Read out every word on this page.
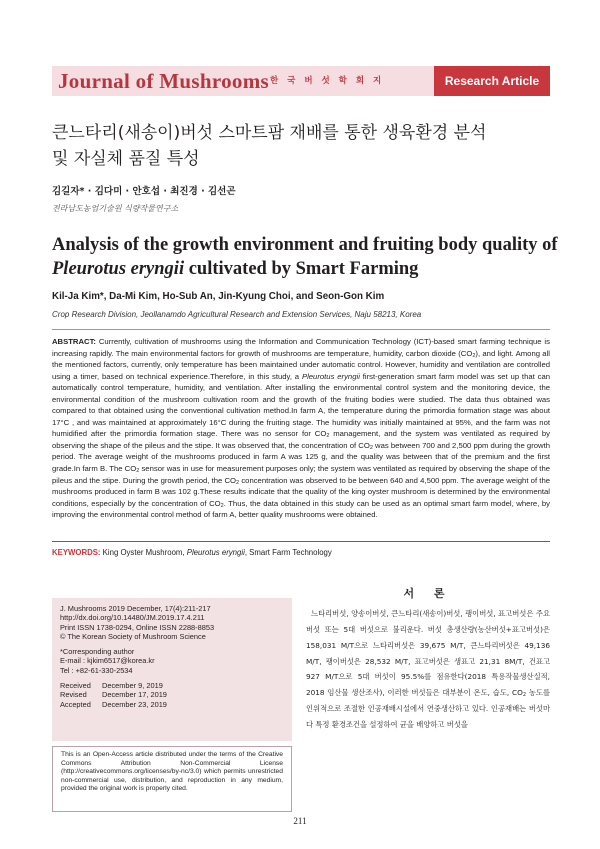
Journal of Mushrooms 한 국 버 섯 학 회 지	Research Article
큰느타리(새송이)버섯 스마트팜 재배를 통한 생육환경 분석
및 자실체 품질 특성
김길자* · 김다미 · 안호섭 · 최진경 · 김선곤
전라남도농업기술원 식량작물연구소
Analysis of the growth environment and fruiting body quality of
Pleurotus eryngii cultivated by Smart Farming
Kil-Ja Kim*, Da-Mi Kim, Ho-Sub An, Jin-Kyung Choi, and Seon-Gon Kim
Crop Research Division, Jeollanamdo Agricultural Research and Extension Services, Naju 58213, Korea
ABSTRACT: Currently, cultivation of mushrooms using the Information and Communication Technology (ICT)-based smart farming technique is increasing rapidly. The main environmental factors for growth of mushrooms are temperature, humidity, carbon dioxide $(CO_2)$, and light. Among all the mentioned factors, currently, only temperature has been maintained under automatic control. However, humidity and ventilation are controlled using a timer, based on technical experience.Therefore, in this study, a Pleurotus eryngii first-generation smart farm model was set up that can automatically control temperature, humidity, and ventilation. After installing the environmental control system and the monitoring device, the environmental condition of the mushroom cultivation room and the growth of the fruiting bodies were studied. The data thus obtained was compared to that obtained using the conventional cultivation method.In farm A, the temperature during the primordia formation stage was about 17°C , and was maintained at approximately 16°C during the fruiting stage. The humidity was initially maintained at 95%, and the farm was not humidified after the primordia formation stage. There was no sensor for $CO_2$ management, and the system was ventilated as required by observing the shape of the pileus and the stipe. It was observed that, the concentration of $CO_2$ was between 700 and 2,500 ppm during the growth period. The average weight of the mushrooms produced in farm A was 125 g, and the quality was between that of the premium and the first grade.In farm B. The $CO_2$ sensor was in use for measurement purposes only; the system was ventilated as required by observing the shape of the pileus and the stipe. During the growth period, the $CO_2$ concentration was observed to be between 640 and 4,500 ppm. The average weight of the mushrooms produced in farm B was 102 g.These results indicate that the quality of the king oyster mushroom is determined by the environmental conditions, especially by the concentration of $CO_2$. Thus, the data obtained in this study can be used as an optimal smart farm model, where, by improving the environmental control method of farm A, better quality mushrooms were obtained.
KEYWORDS: King Oyster Mushroom, Pleurotus eryngii, Smart Farm Technology
J. Mushrooms 2019 December, 17(4):211-217
http://dx.doi.org/10.14480/JM.2019.17.4.211
Print ISSN 1738-0294, Online ISSN 2288-8853
© The Korean Society of Mushroom Science
*Corresponding author
E-mail : kjkim6517@korea.kr
Tel : +82-61-330-2534
Received	December 9, 2019
Revised	December 17, 2019
Accepted	December 23, 2019
This is an Open-Access article distributed under the terms of the Creative Commons Attribution Non-Commercial License (http://creativecommons.org/licenses/by-nc/3.0) which permits unrestricted non-commercial use, distribution, and reproduction in any medium, provided the original work is properly cited.
서 론
느타리버섯, 양송이버섯, 큰느타리(새송이)버섯, 팽이버섯, 표고버섯은 주요버섯 또는 5대 버섯으로 불리운다. 버섯 총생산량(농산버섯+표고버섯)은 158,031 M/T으로 느타리버섯은 39,675 M/T, 큰느타리버섯은 49,136 M/T, 팽이버섯은 28,532 M/T, 표고버섯은 생표고 21,31 8M/T, 건표고 927 M/T으로 5대 버섯이 95.5%를 점유한다(2018 특용작물생산실적, 2018 임산물 생산조사), 이러한 버섯들은 대부분이 온도, 습도, $CO_2$ 농도를 인위적으로 조절한 인공재배시설에서 연중생산하고 있다. 인공재배는 버섯마다 특정 환경조건을 설정하여 균을 배양하고 버섯을
211
